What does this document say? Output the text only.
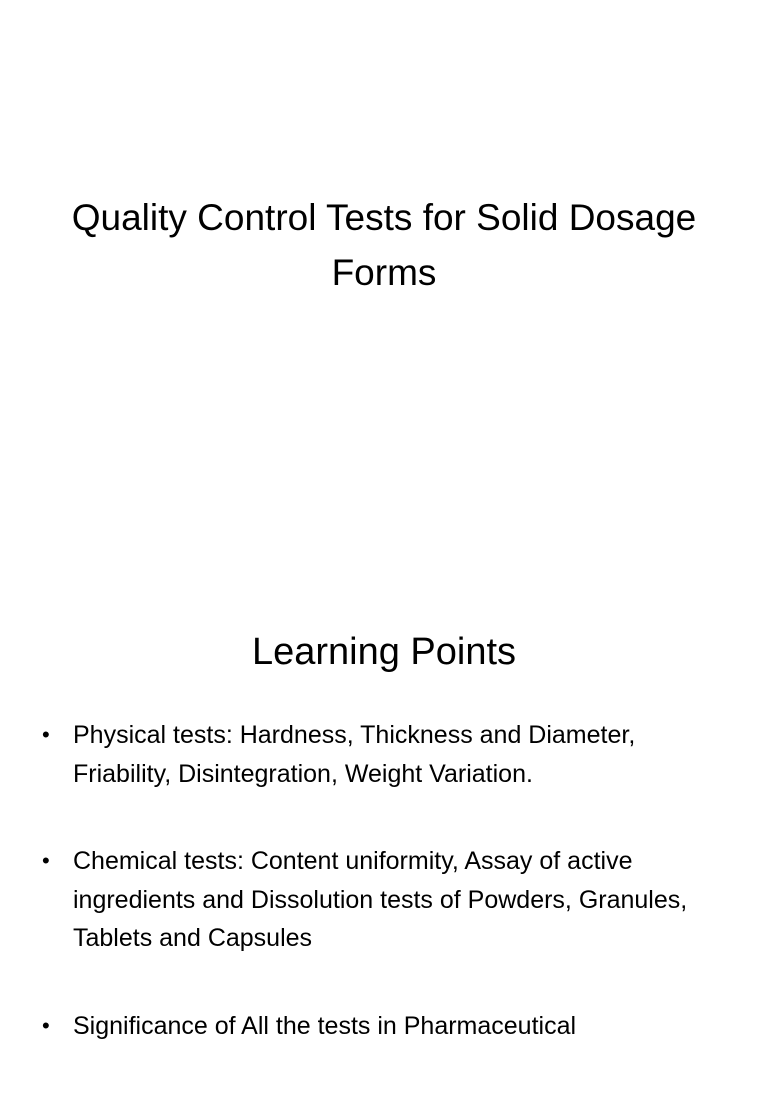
Quality Control Tests for Solid Dosage Forms
Learning Points
• Physical tests: Hardness, Thickness and Diameter, Friability, Disintegration, Weight Variation.
• Chemical tests: Content uniformity, Assay of active ingredients and Dissolution tests of Powders, Granules, Tablets and Capsules
• Significance of All the tests in Pharmaceutical
